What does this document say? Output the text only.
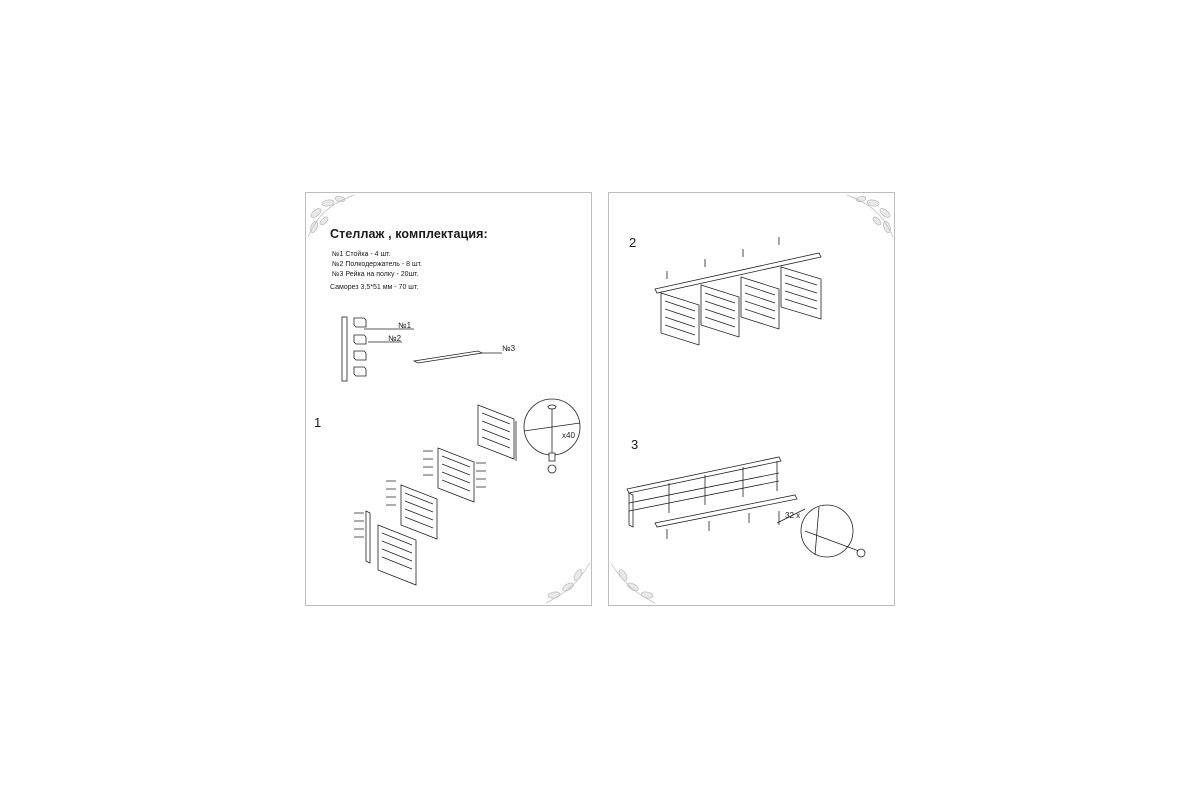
Стеллаж , комплектация:
№1 Стойка - 4 шт.
№2 Полкодержатель - 8 шт.
№3 Рейка на полку - 20шт.
Саморез 3,5*51 мм - 70 шт.
№1
№2
№3
1
x40
2
3
32 x
